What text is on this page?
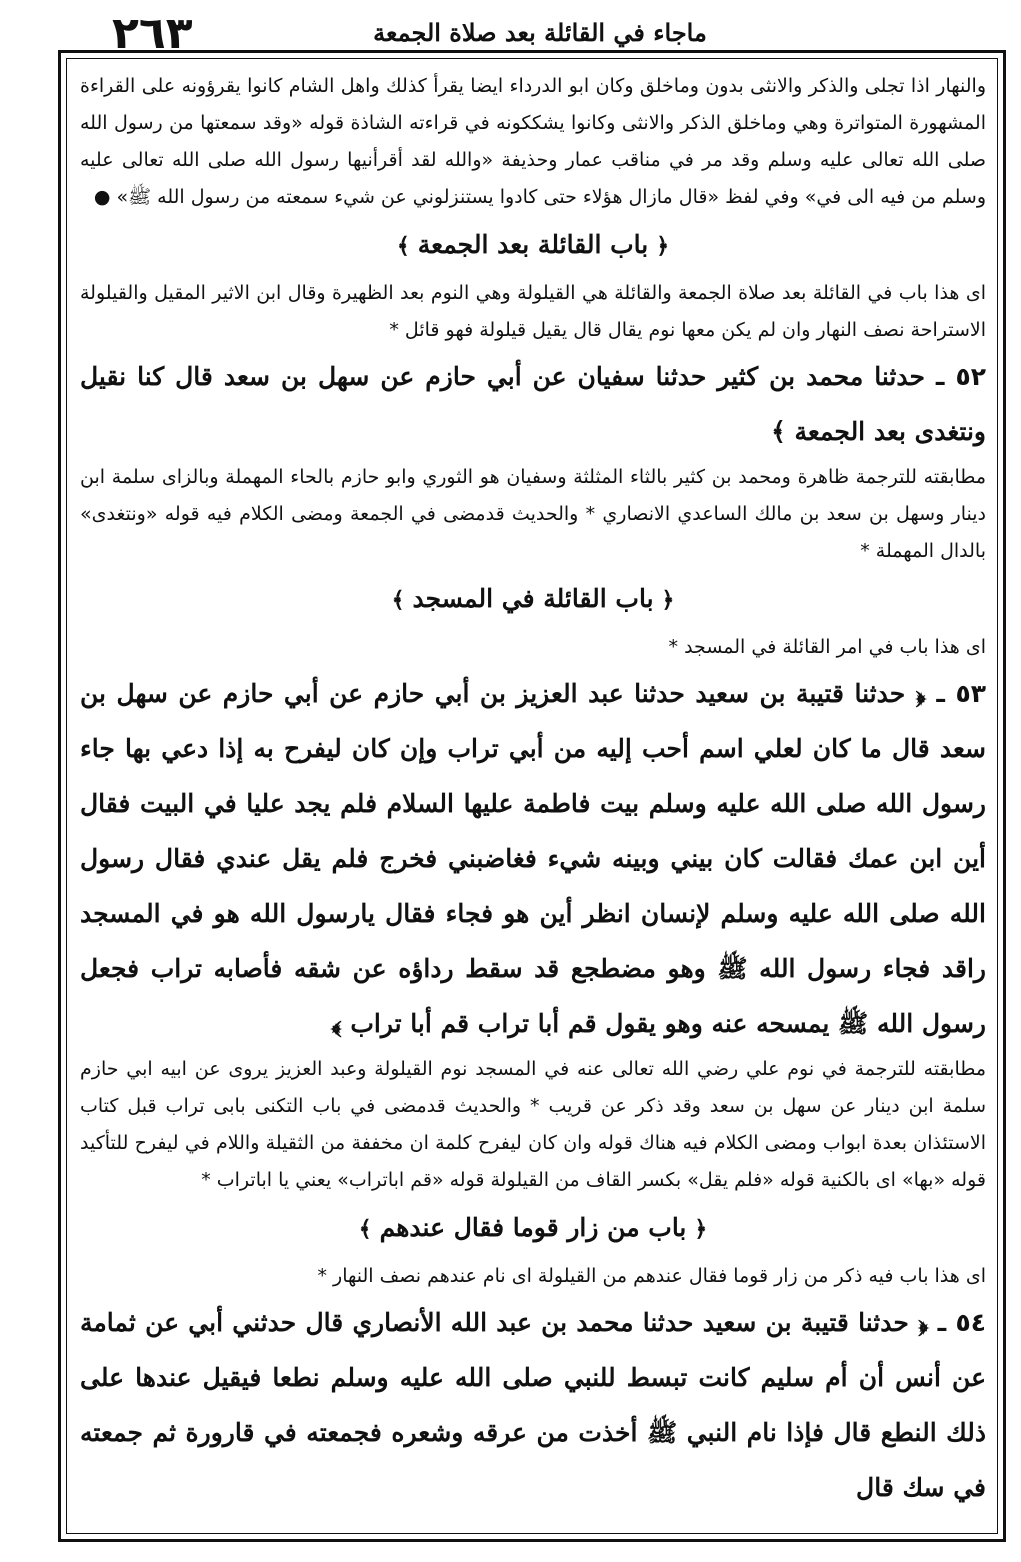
٢٦٣	ماجاء في القائلة بعد صلاة الجمعة

والنهار اذا تجلى والذكر والانثى بدون وماخلق وكان ابو الدرداء ايضا يقرأ كذلك واهل الشام كانوا يقرؤونه على القراءة المشهورة المتواترة وهي وماخلق الذكر والانثى وكانوا يشككونه في قراءته الشاذة قوله «وقد سمعتها من رسول الله صلى الله تعالى عليه وسلم وقد مر في مناقب عمار وحذيفة «والله لقد أقرأنيها رسول الله صلى الله تعالى عليه وسلم من فيه الى في» وفي لفظ «قال مازال هؤلاء حتى كادوا يستنزلوني عن شيء سمعته من رسول الله ﷺ» ●

﴿باب القائلة بعد الجمعة﴾

اى هذا باب في القائلة بعد صلاة الجمعة والقائلة هي القيلولة وهي النوم بعد الظهيرة وقال ابن الاثير المقيل والقيلولة الاستراحة نصف النهار وان لم يكن معها نوم يقال قال يقيل قيلولة فهو قائل *

٥٢ ـ حدثنا محمد بن كثير حدثنا سفيان عن أبي حازم عن سهل بن سعد قال كنا نقيل ونتغدى بعد الجمعة ﴾

مطابقته للترجمة ظاهرة ومحمد بن كثير بالثاء المثلثة وسفيان هو الثوري وابو حازم بالحاء المهملة وبالزاى سلمة ابن دينار وسهل بن سعد بن مالك الساعدي الانصاري * والحديث قدمضى في الجمعة ومضى الكلام فيه قوله «ونتغدى» بالدال المهملة *

﴿باب القائلة في المسجد﴾

اى هذا باب في امر القائلة في المسجد *

٥٣ ـ ﴿ حدثنا قتيبة بن سعيد حدثنا عبد العزيز بن أبي حازم عن أبي حازم عن سهل بن سعد قال ما كان لعلي اسم أحب إليه من أبي تراب وإن كان ليفرح به إذا دعي بها جاء رسول الله صلى الله عليه وسلم بيت فاطمة عليها السلام فلم يجد عليا في البيت فقال أين ابن عمك فقالت كان بيني وبينه شيء فغاضبني فخرج فلم يقل عندي فقال رسول الله صلى الله عليه وسلم لإنسان انظر أين هو فجاء فقال يارسول الله هو في المسجد راقد فجاء رسول الله ﷺ وهو مضطجع قد سقط رداؤه عن شقه فأصابه تراب فجعل رسول الله ﷺ يمسحه عنه وهو يقول قم أبا تراب قم أبا تراب ﴾

مطابقته للترجمة في نوم علي رضي الله تعالى عنه في المسجد نوم القيلولة وعبد العزيز يروى عن ابيه ابي حازم سلمة ابن دينار عن سهل بن سعد وقد ذكر عن قريب * والحديث قدمضى في باب التكنى بابى تراب قبل كتاب الاستئذان بعدة ابواب ومضى الكلام فيه هناك قوله وان كان ليفرح كلمة ان مخففة من الثقيلة واللام في ليفرح للتأكيد قوله «بها» اى بالكنية قوله «فلم يقل» بكسر القاف من القيلولة قوله «قم اباتراب» يعني يا اباتراب *

﴿باب من زار قوما فقال عندهم﴾

اى هذا باب فيه ذكر من زار قوما فقال عندهم من القيلولة اى نام عندهم نصف النهار *

٥٤ ـ ﴿ حدثنا قتيبة بن سعيد حدثنا محمد بن عبد الله الأنصاري قال حدثني أبي عن ثمامة عن أنس أن أم سليم كانت تبسط للنبي صلى الله عليه وسلم نطعا فيقيل عندها على ذلك النطع قال فإذا نام النبي ﷺ أخذت من عرقه وشعره فجمعته في قارورة ثم جمعته في سك قال
